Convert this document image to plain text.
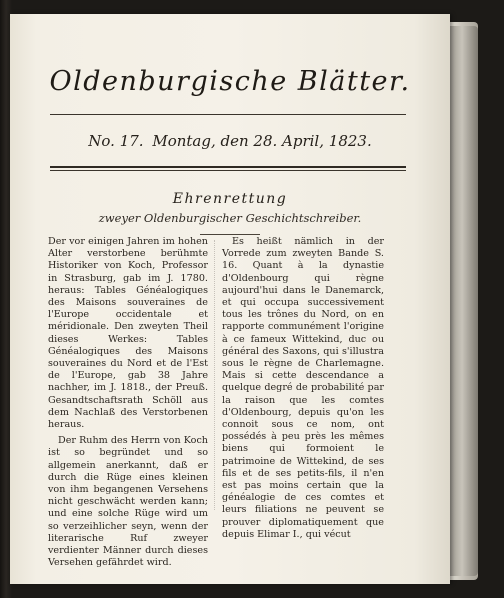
Oldenburgische Blätter.
No. 17. Montag, den 28. April, 1823.
Ehrenrettung
zweyer Oldenburgischer Geschichtschreiber.

Der vor einigen Jahren im hohen Alter verstorbene berühmte Historiker von Koch, Professor in Strasburg, gab im J. 1780. heraus: Tables Généalogiques des Maisons souveraines de l'Europe occidentale et méridionale. Den zweyten Theil dieses Werkes: Tables Généalogiques des Maisons souveraines du Nord et de l'Est de l'Europe, gab 38 Jahre nachher, im J. 1818., der Preuß. Gesandtschaftsrath Schöll aus dem Nachlaß des Verstorbenen heraus.

Der Ruhm des Herrn von Koch ist so begründet und so allgemein anerkannt, daß er durch die Rüge eines kleinen von ihm begangenen Versehens nicht geschwächt werden kann; und eine solche Rüge wird um so verzeihlicher seyn, wenn der literarische Ruf zweyer verdienter Männer durch dieses Versehen gefährdet wird.

Es heißt nämlich in der Vorrede zum zweyten Bande S. 16. Quant à la dynastie d'Oldenbourg qui règne aujourd'hui dans le Danemarck, et qui occupa successivement tous les trônes du Nord, on en rapporte communément l'origine à ce fameux Wittekind, duc ou général des Saxons, qui s'illustra sous le règne de Charlemagne. Mais si cette descendance a quelque degré de probabilité par la raison que les comtes d'Oldenbourg, depuis qu'on les connoit sous ce nom, ont possédés à peu près les mêmes biens qui formoient le patrimoine de Wittekind, de ses fils et de ses petits-fils, il n'en est pas moins certain que la généalogie de ces comtes et leurs filiations ne peuvent se prouver diplomatiquement que depuis Elimar I., qui vécut
